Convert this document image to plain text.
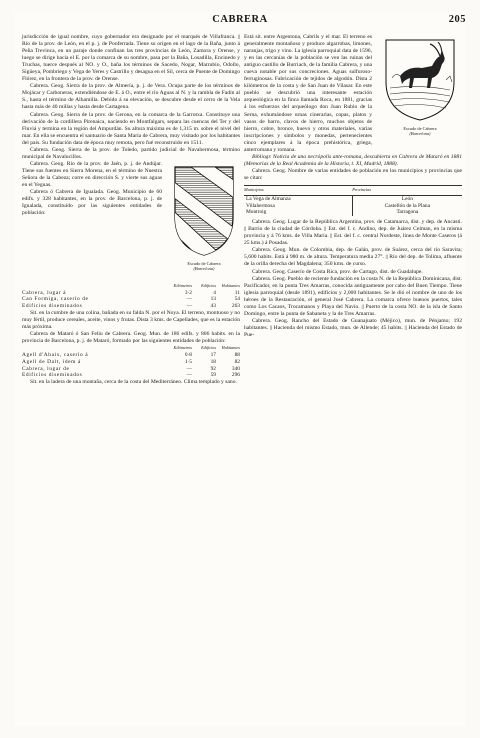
CABRERA	205

jurisdicción de igual nombre, cuyo gobernador era designado por el marqués de Villafranca. || Río de la prov. de León, en el p. j. de Ponferrada. Tiene su origen en el lago de la Baña, junto á Peña Trevinca, en un paraje donde confinan las tres provincias de León, Zamora y Orense, y luego se dirige hacia el E. por la comarca de su nombre, pasa por la Baña, Losadilla, Encinedo y Truchas, tuerce después al NO. y O., baña los términos de Sacedo, Nogar, Marrubio, Odollo, Sigüeya, Pombriego y Vega de Yeres y Castrillo y desagua en el Sil, cerca de Puente de Domingo Flórez, en la frontera de la prov. de Orense.

Cabrera. Geog. Sierra de la prov. de Almería, p. j. de Vera. Ocupa parte de los términos de Mojácar y Carboneras, extendiéndose de E. á O., entre el río Aguas al N. y la rambla de Fadín al S., hasta el término de Alhamilla. Debido á su elevación, se descubre desde el cerro de la Vela hasta más de 40 millas y hasta desde Cartagena.

Cabrera. Geog. Sierra de la prov. de Gerona, en la comarca de la Garrotxa. Constituye una derivación de la cordillera Pirenaica, naciendo en Montfalgars, separa las cuencas del Ter y del Fluviá y termina en la región del Ampurdán. Su altura máxima es de 1,315 m. sobre el nivel del mar. En ella se encuentra el santuario de Santa María de Cabrera, muy visitado por los habitantes del país. Su fundación data de época muy remota, pero fué reconstruido en 1511.

Cabrera. Geog. Sierra de la prov. de Toledo, partido judicial de Navahermosa, término municipal de Navalucillos.

Escudo de Cabrera
(Barcelona)

Cabrera. Geog. Río de la prov. de Jaén, p. j. de Andújar. Tiene sus fuentes en Sierra Morena, en el término de Nuestra Señora de la Cabeza; corre en dirección S. y vierte sus aguas en el Yeguas.

Cabrera ó Cabrera de Igualada. Geog. Municipio de 60 edifs. y 328 habitantes, en la prov. de Barcelona, p. j. de Igualada, constituído por las siguientes entidades de población:

	Kilómetros	Edificios	Habitantes
Cabrera, lugar á	3·2	4	11
Can Formiga, caserío de	—	13	54
Edificios diseminados	—	43	263

Sit. en la cumbre de una colina, bañada en su falda N. por el Noya. El terreno, montuoso y no muy fértil, produce cereales, aceite, vinos y frutas. Dista 3 kms. de Capellades, que es la estación más próxima.

Cabrera de Mataró ó San Feliu de Cabrera. Geog. Mun. de 186 edifs. y 806 habits. en la provincia de Barcelona, p. j. de Mataró, formado por las siguientes entidades de población:

	Kilómetros	Edificios	Habitantes
Agell d'Abaix, caserío á	0·8	17	88
Agell de Dalt, ídem á	1·5	18	82
Cabrera, lugar de	—	92	340
Edificios diseminados	—	59	296

Sit. en la ladera de una montaña, cerca de la costa del Mediterráneo. Clima templado y sano.

Escudo de Cabrera
(Barcelona)

Está sit. entre Argentona, Cabrils y el mar. El terreno es generalmente montañoso y produce algarrobas, limones, naranjas, trigo y vino. La iglesia parroquial data de 1596, y en las cercanías de la población se ven las ruinas del antiguo castillo de Burriach, de la familia Cabrera, y una cueva notable por sus concreciones. Aguas sulfuroso-ferruginosas. Fabricación de tejidos de algodón. Dista 2 kilómetros de la costa y de San Juan de Vilasar. En este pueblo se descubrió una interesante estación arqueológica en la finca llamada Roca, en 1881, gracias á los esfuerzos del arqueólogo don Juan Rubio de la Serna, exhumándose urnas cinerarias, copas, platos y vasos de barro, clavos de hierro, muchos objetos de hierro, cobre, bronce, huevo y otros materiales, varias inscripciones y símbolos y monedas, pertenecientes cinco ejemplares á la época prehistórica, griega, anterromana y romana.

Bibliogr. Noticia de una necrópolis ante-romana, descubierta en Cabrera de Mataró en 1881 (Memorias de la Real Academia de la Historia, t. XI, Madrid, 1888).

Cabrera. Geog. Nombre de varias entidades de población en los municipios y provincias que se citan:

Municipios	Provincias
La Vega de Almanza	León
Villahermosa	Castellón de la Plana
Montroig	Tarragona

Cabrera. Geog. Lugar de la República Argentina, prov. de Catamarca, dist. y dep. de Ancasti. || Barrio de la ciudad de Córdoba. || Est. del f. c. Andino, dep. de Juárez Celman, en la misma provincia y á 76 kms. de Villa María. || Est. del f. c. central Nordeste, línea de Monte Caseros (á 25 kms.) á Posadas.

Cabrera. Geog. Mun. de Colombia, dep. de Galán, prov. de Suárez, cerca del río Saravita; 5,600 habits. Está á 980 m. de altura. Temperatura media 27°. || Río del dep. de Tolima, afluente de la orilla derecha del Magdalena; 350 kms. de curso.

Cabrera. Geog. Caserío de Costa Rica, prov. de Cartago, dist. de Guadalupe.

Cabrera. Geog. Pueblo de reciente fundación en la costa N. de la República Dominicana, dist. Pacificador, en la punta Tres Amarras, conocida antiguamente por cabo del Buen Tiempo. Tiene iglesia parroquial (desde 1891), edificios y 2,000 habitantes. Se le dió el nombre de uno de los héroes de la Restauración, el general José Cabrera. La comarca ofrece buenos puertos, tales como Los Cacaos, Trocamanos y Playa del Navío. || Puerto de la costa NO. de la isla de Santo Domingo, entre la punta de Sabaneta y la de Tres Amarras.

Cabrera. Geog. Rancho del Estado de Guanajuato (Méjico), mun. de Pénjamo; 192 habitantes. || Hacienda del mismo Estado, mun. de Allende; 45 habits. || Hacienda del Estado de Pue-
